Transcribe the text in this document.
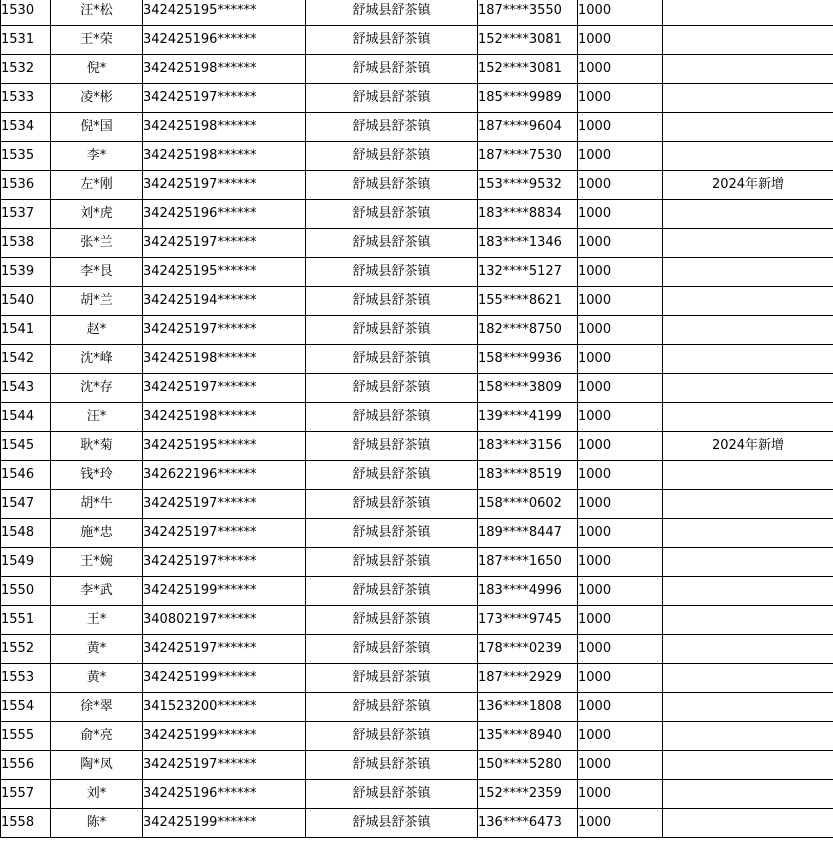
1530	汪*松	342425195******	舒城县舒茶镇	187****3550	1000	
1531	王*荣	342425196******	舒城县舒茶镇	152****3081	1000	
1532	倪*	342425198******	舒城县舒茶镇	152****3081	1000	
1533	凌*彬	342425197******	舒城县舒茶镇	185****9989	1000	
1534	倪*国	342425198******	舒城县舒茶镇	187****9604	1000	
1535	李*	342425198******	舒城县舒茶镇	187****7530	1000	
1536	左*刚	342425197******	舒城县舒茶镇	153****9532	1000	2024年新增
1537	刘*虎	342425196******	舒城县舒茶镇	183****8834	1000	
1538	张*兰	342425197******	舒城县舒茶镇	183****1346	1000	
1539	李*艮	342425195******	舒城县舒茶镇	132****5127	1000	
1540	胡*兰	342425194******	舒城县舒茶镇	155****8621	1000	
1541	赵*	342425197******	舒城县舒茶镇	182****8750	1000	
1542	沈*峰	342425198******	舒城县舒茶镇	158****9936	1000	
1543	沈*存	342425197******	舒城县舒茶镇	158****3809	1000	
1544	汪*	342425198******	舒城县舒茶镇	139****4199	1000	
1545	耿*菊	342425195******	舒城县舒茶镇	183****3156	1000	2024年新增
1546	钱*玲	342622196******	舒城县舒茶镇	183****8519	1000	
1547	胡*牛	342425197******	舒城县舒茶镇	158****0602	1000	
1548	施*忠	342425197******	舒城县舒茶镇	189****8447	1000	
1549	王*婉	342425197******	舒城县舒茶镇	187****1650	1000	
1550	李*武	342425199******	舒城县舒茶镇	183****4996	1000	
1551	王*	340802197******	舒城县舒茶镇	173****9745	1000	
1552	黄*	342425197******	舒城县舒茶镇	178****0239	1000	
1553	黄*	342425199******	舒城县舒茶镇	187****2929	1000	
1554	徐*翠	341523200******	舒城县舒茶镇	136****1808	1000	
1555	俞*亮	342425199******	舒城县舒茶镇	135****8940	1000	
1556	陶*凤	342425197******	舒城县舒茶镇	150****5280	1000	
1557	刘*	342425196******	舒城县舒茶镇	152****2359	1000	
1558	陈*	342425199******	舒城县舒茶镇	136****6473	1000	
